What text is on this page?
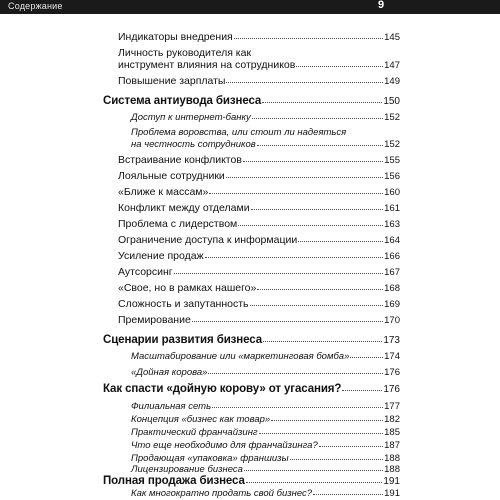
Содержание	9
Индикаторы внедрения	145
Личность руководителя как
инструмент влияния на сотрудников	147
Повышение зарплаты	149
Система антиувода бизнеса	150
Доступ к интернет-банку	152
Проблема воровства, или стоит ли надеяться
на честность сотрудников	152
Встраивание конфликтов	155
Лояльные сотрудники	156
«Ближе к массам»	160
Конфликт между отделами	161
Проблема с лидерством	163
Ограничение доступа к информации	164
Усиление продаж	166
Аутсорсинг	167
«Свое, но в рамках нашего»	168
Сложность и запутанность	169
Премирование	170
Сценарии развития бизнеса	173
Масштабирование или «маркетинговая бомба»	174
«Дойная корова»	176
Как спасти «дойную корову» от угасания?	176
Филиальная сеть	177
Концепция «бизнес как товар»	182
Практический франчайзинг	185
Что еще необходимо для франчайзинга?	187
Продающая «упаковка» франшизы	188
Лицензирование бизнеса	188
Полная продажа бизнеса	191
Как многократно продать свой бизнес?	191
